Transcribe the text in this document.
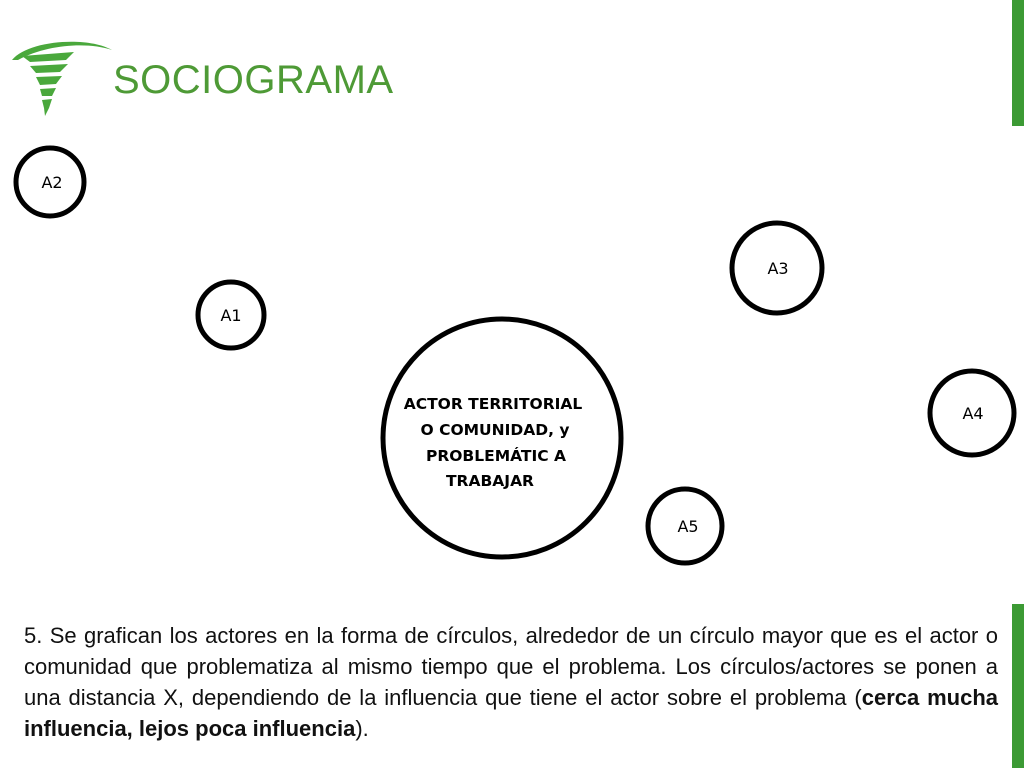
SOCIOGRAMA
A2
A1
A3
A4
A5
ACTOR TERRITORIAL
O COMUNIDAD, y
PROBLEMÁTIC A
TRABAJAR

5. Se grafican los actores en la forma de círculos, alrededor de un círculo mayor que es el actor o comunidad que problematiza al mismo tiempo que el problema. Los círculos/actores se ponen a una distancia X, dependiendo de la influencia que tiene el actor sobre el problema (cerca mucha influencia, lejos poca influencia).
